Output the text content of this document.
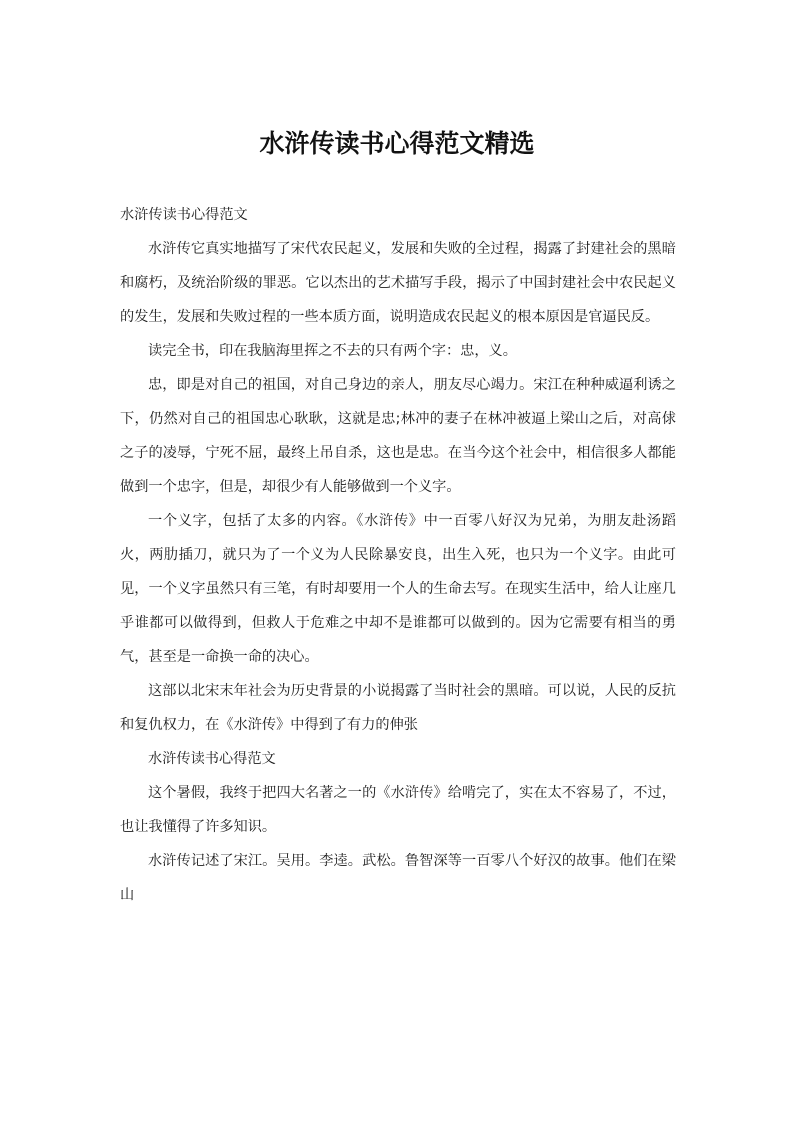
水浒传读书心得范文精选

水浒传读书心得范文

水浒传它真实地描写了宋代农民起义，发展和失败的全过程，揭露了封建社会的黑暗和腐朽，及统治阶级的罪恶。它以杰出的艺术描写手段，揭示了中国封建社会中农民起义的发生，发展和失败过程的一些本质方面，说明造成农民起义的根本原因是官逼民反。

读完全书，印在我脑海里挥之不去的只有两个字：忠，义。

忠，即是对自己的祖国，对自己身边的亲人，朋友尽心竭力。宋江在种种威逼利诱之下，仍然对自己的祖国忠心耿耿，这就是忠;林冲的妻子在林冲被逼上梁山之后，对高俅之子的凌辱，宁死不屈，最终上吊自杀，这也是忠。在当今这个社会中，相信很多人都能做到一个忠字，但是，却很少有人能够做到一个义字。

一个义字，包括了太多的内容。《水浒传》中一百零八好汉为兄弟，为朋友赴汤蹈火，两肋插刀，就只为了一个义为人民除暴安良，出生入死，也只为一个义字。由此可见，一个义字虽然只有三笔，有时却要用一个人的生命去写。在现实生活中，给人让座几乎谁都可以做得到，但救人于危难之中却不是谁都可以做到的。因为它需要有相当的勇气，甚至是一命换一命的决心。

这部以北宋末年社会为历史背景的小说揭露了当时社会的黑暗。可以说，人民的反抗和复仇权力，在《水浒传》中得到了有力的伸张

水浒传读书心得范文

这个暑假，我终于把四大名著之一的《水浒传》给啃完了，实在太不容易了，不过，也让我懂得了许多知识。

水浒传记述了宋江。吴用。李逵。武松。鲁智深等一百零八个好汉的故事。他们在梁山
